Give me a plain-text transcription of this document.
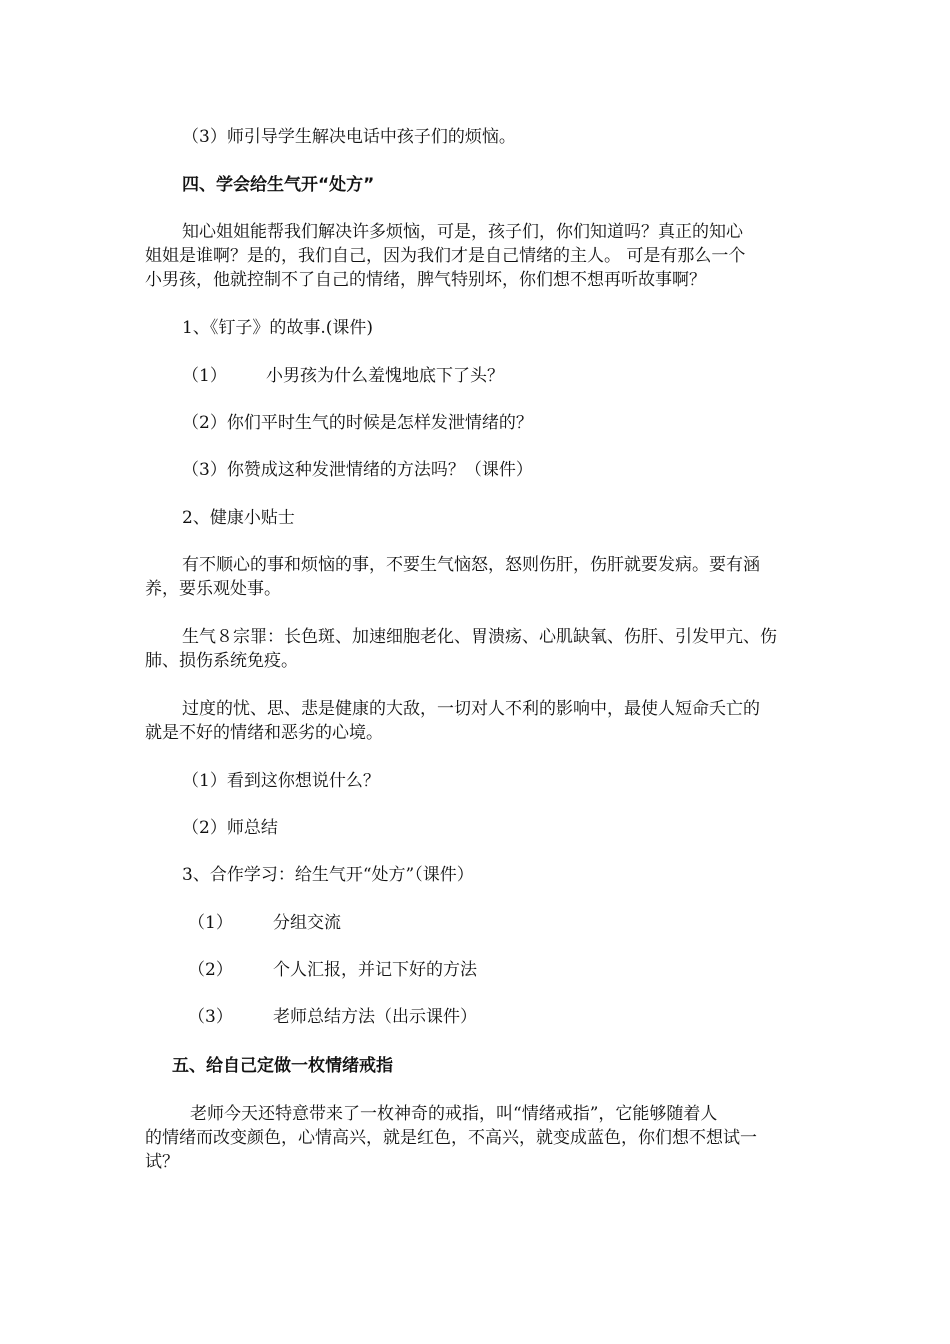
（3）师引导学生解决电话中孩子们的烦恼。
四、学会给生气开“处方”
知心姐姐能帮我们解决许多烦恼，可是，孩子们，你们知道吗？真正的知心
姐姐是谁啊？是的，我们自己，因为我们才是自己情绪的主人。 可是有那么一个
小男孩，他就控制不了自己的情绪，脾气特别坏，你们想不想再听故事啊？
1、《钉子》的故事.(课件)
（1） 小男孩为什么羞愧地底下了头？
（2）你们平时生气的时候是怎样发泄情绪的？
（3）你赞成这种发泄情绪的方法吗？（课件）
2、健康小贴士
有不顺心的事和烦恼的事，不要生气恼怒，怒则伤肝，伤肝就要发病。要有涵
养，要乐观处事。
生气８宗罪：长色斑、加速细胞老化、胃溃疡、心肌缺氧、伤肝、引发甲亢、伤
肺、损伤系统免疫。
过度的忧、思、悲是健康的大敌，一切对人不利的影响中，最使人短命夭亡的
就是不好的情绪和恶劣的心境。
（1）看到这你想说什么？
（2）师总结
3、合作学习：给生气开“处方”（课件）
（1） 分组交流
（2） 个人汇报，并记下好的方法
（3） 老师总结方法（出示课件）
五、给自己定做一枚情绪戒指
老师今天还特意带来了一枚神奇的戒指，叫“情绪戒指”，它能够随着人
的情绪而改变颜色，心情高兴，就是红色，不高兴，就变成蓝色，你们想不想试一
试？
